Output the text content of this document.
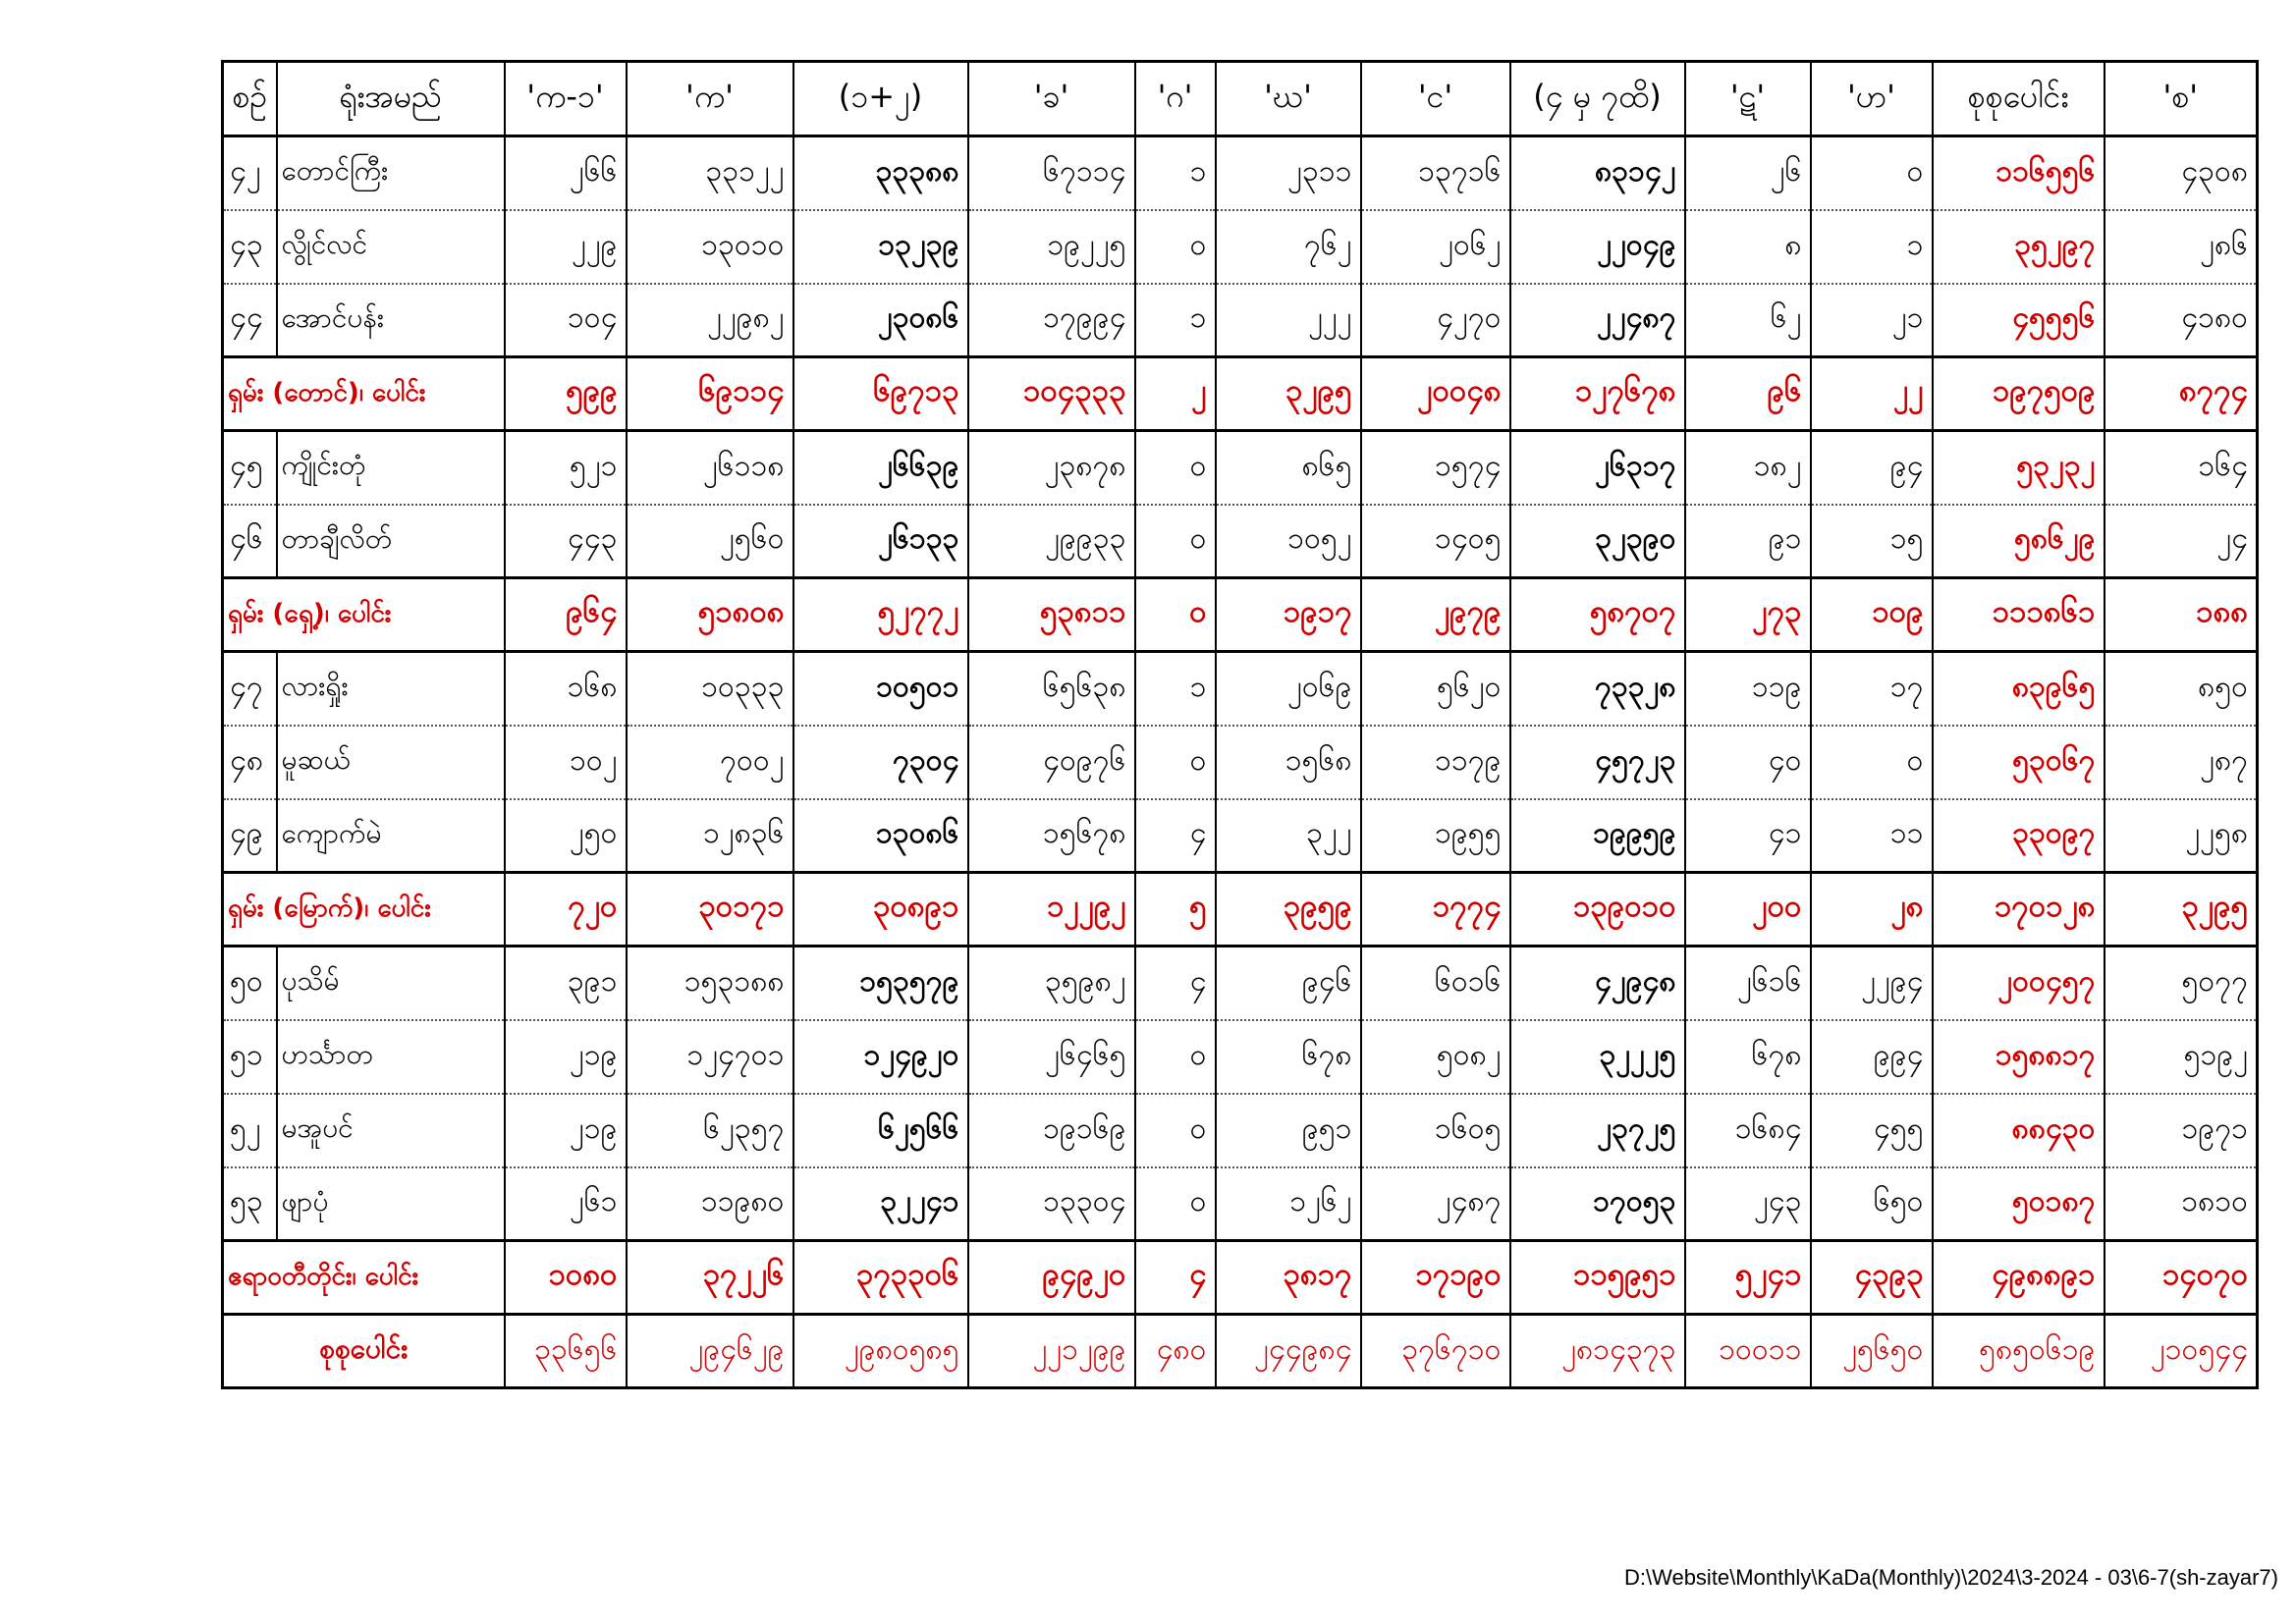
စဉ်	ရုံးအမည်	'က-၁'	'က'	(၁+၂)	'ခ'	'ဂ'	'ဃ'	'င'	(၄ မှ ၇ထိ)	'ဋ'	'ဟ'	စုစုပေါင်း	'စ'
၄၂	တောင်ကြီး	၂၆၆	၃၃၁၂၂	၃၃၃၈၈	၆၇၁၁၄	၁	၂၃၁၁	၁၃၇၁၆	၈၃၁၄၂	၂၆	၀	၁၁၆၅၅၆	၄၃၀၈
၄၃	လွိုင်လင်	၂၂၉	၁၃၀၁၀	၁၃၂၃၉	၁၉၂၂၅	၀	၇၆၂	၂၀၆၂	၂၂၀၄၉	၈	၁	၃၅၂၉၇	၂၈၆
၄၄	အောင်ပန်း	၁၀၄	၂၂၉၈၂	၂၃၀၈၆	၁၇၉၉၄	၁	၂၂၂	၄၂၇၀	၂၂၄၈၇	၆၂	၂၁	၄၅၅၅၆	၄၁၈၀
ရှမ်း (တောင်)၊ ပေါင်း		၅၉၉	၆၉၁၁၄	၆၉၇၁၃	၁၀၄၃၃၃	၂	၃၂၉၅	၂၀၀၄၈	၁၂၇၆၇၈	၉၆	၂၂	၁၉၇၅၀၉	၈၇၇၄
၄၅	ကျိုင်းတုံ	၅၂၁	၂၆၁၁၈	၂၆၆၃၉	၂၃၈၇၈	၀	၈၆၅	၁၅၇၄	၂၆၃၁၇	၁၈၂	၉၄	၅၃၂၃၂	၁၆၄
၄၆	တာချီလိတ်	၄၄၃	၂၅၆၀	၂၆၁၃၃	၂၉၉၃၃	၀	၁၀၅၂	၁၄၀၅	၃၂၃၉၀	၉၁	၁၅	၅၈၆၂၉	၂၄
ရှမ်း (ရှေ့)၊ ပေါင်း		၉၆၄	၅၁၈၀၈	၅၂၇၇၂	၅၃၈၁၁	၀	၁၉၁၇	၂၉၇၉	၅၈၇၀၇	၂၇၃	၁၀၉	၁၁၁၈၆၁	၁၈၈
၄၇	လားရှိုး	၁၆၈	၁၀၃၃၃	၁၀၅၀၁	၆၅၆၃၈	၁	၂၀၆၉	၅၆၂၀	၇၃၃၂၈	၁၁၉	၁၇	၈၃၉၆၅	၈၅၀
၄၈	မူဆယ်	၁၀၂	၇၀၀၂	၇၃၀၄	၄၀၉၇၆	၀	၁၅၆၈	၁၁၇၉	၄၅၇၂၃	၄၀	၀	၅၃၀၆၇	၂၈၇
၄၉	ကျောက်မဲ	၂၅၀	၁၂၈၃၆	၁၃၀၈၆	၁၅၆၇၈	၄	၃၂၂	၁၉၅၅	၁၉၉၅၉	၄၁	၁၁	၃၃၀၉၇	၂၂၅၈
ရှမ်း (မြောက်)၊ ပေါင်း		၇၂၀	၃၀၁၇၁	၃၀၈၉၁	၁၂၂၉၂	၅	၃၉၅၉	၁၇၇၄	၁၃၉၀၁၀	၂၀၀	၂၈	၁၇၀၁၂၈	၃၂၉၅
၅၀	ပုသိမ်	၃၉၁	၁၅၃၁၈၈	၁၅၃၅၇၉	၃၅၉၈၂	၄	၉၄၆	၆၀၁၆	၄၂၉၄၈	၂၆၁၆	၂၂၉၄	၂၀၀၄၅၇	၅၀၇၇
၅၁	ဟင်္သာတ	၂၁၉	၁၂၄၇၀၁	၁၂၄၉၂၀	၂၆၄၆၅	၀	၆၇၈	၅၀၈၂	၃၂၂၂၅	၆၇၈	၉၉၄	၁၅၈၈၁၇	၅၁၉၂
၅၂	မအူပင်	၂၁၉	၆၂၃၅၇	၆၂၅၆၆	၁၉၁၆၉	၀	၉၅၁	၁၆၀၅	၂၃၇၂၅	၁၆၈၄	၄၅၅	၈၈၄၃၀	၁၉၇၁
၅၃	ဖျာပုံ	၂၆၁	၁၁၉၈၀	၃၂၂၄၁	၁၃၃၀၄	၀	၁၂၆၂	၂၄၈၇	၁၇၀၅၃	၂၄၃	၆၅၀	၅၀၁၈၇	၁၈၁၀
ဧရာဝတီတိုင်း၊ ပေါင်း		၁၀၈၀	၃၇၂၂၆	၃၇၃၃၀၆	၉၄၉၂၀	၄	၃၈၁၇	၁၇၁၉၀	၁၁၅၉၅၁	၅၂၄၁	၄၃၉၃	၄၉၈၈၉၁	၁၄၀၇၀
စုစုပေါင်း		၃၃၆၅၆	၂၉၄၆၂၉	၂၉၈၀၅၈၅	၂၂၁၂၉၉	၄၈၀	၂၄၄၉၈၄	၃၇၆၇၁၀	၂၈၁၄၃၇၃	၁၀၀၁၁	၂၅၆၅၀	၅၈၅၀၆၁၉	၂၁၀၅၄၄
D:\Website\Monthly\KaDa(Monthly)\2024\3-2024 - 03\6-7(sh-zayar7)
